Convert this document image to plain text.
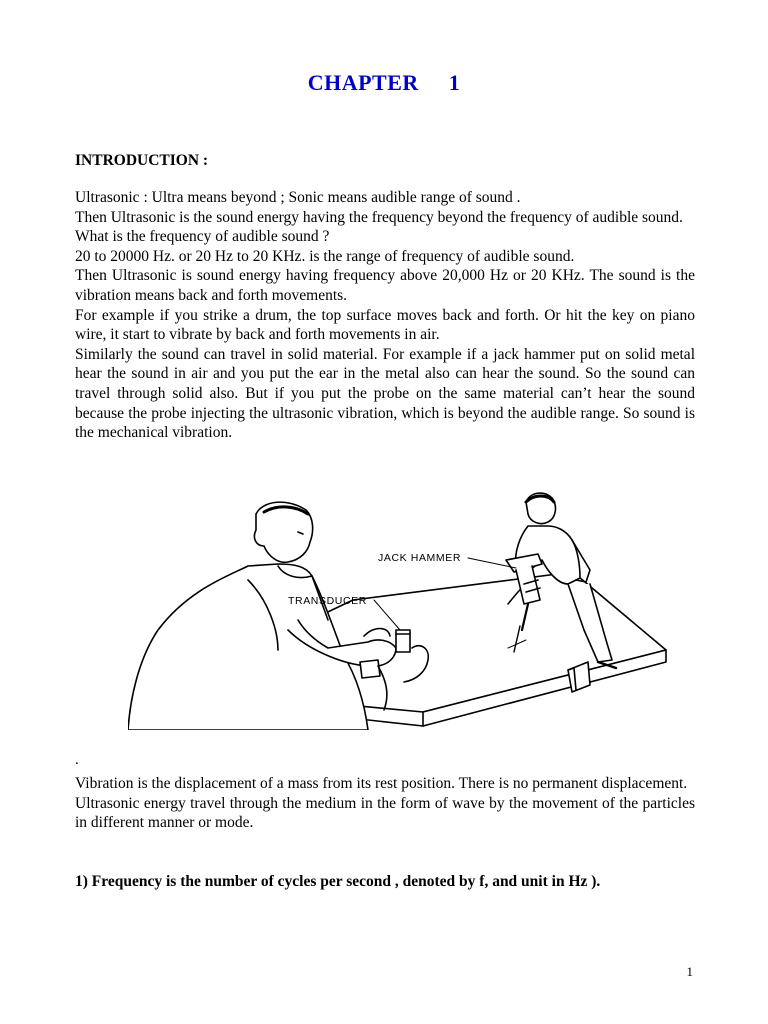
CHAPTER 1
INTRODUCTION :

Ultrasonic : Ultra means beyond ; Sonic means audible range of sound .

Then Ultrasonic is the sound energy having the frequency beyond the frequency of audible sound.

What is the frequency of audible sound ?

20 to 20000 Hz. or 20 Hz to 20 KHz. is the range of frequency of audible sound.

Then Ultrasonic is sound energy having frequency above 20,000 Hz or 20 KHz. The sound is the vibration means back and forth movements.

For example if you strike a drum, the top surface moves back and forth. Or hit the key on piano wire, it start to vibrate by back and forth movements in air.

Similarly the sound can travel in solid material. For example if a jack hammer put on solid metal hear the sound in air and you put the ear in the metal also can hear the sound. So the sound can travel through solid also. But if you put the probe on the same material can’t hear the sound because the probe injecting the ultrasonic vibration, which is beyond the audible range. So sound is the mechanical vibration.

JACK HAMMER
TRANSDUCER
.

Vibration is the displacement of a mass from its rest position. There is no permanent displacement.

Ultrasonic energy travel through the medium in the form of wave by the movement of the particles in different manner or mode.

1) Frequency is the number of cycles per second , denoted by f, and unit in Hz ).
1
